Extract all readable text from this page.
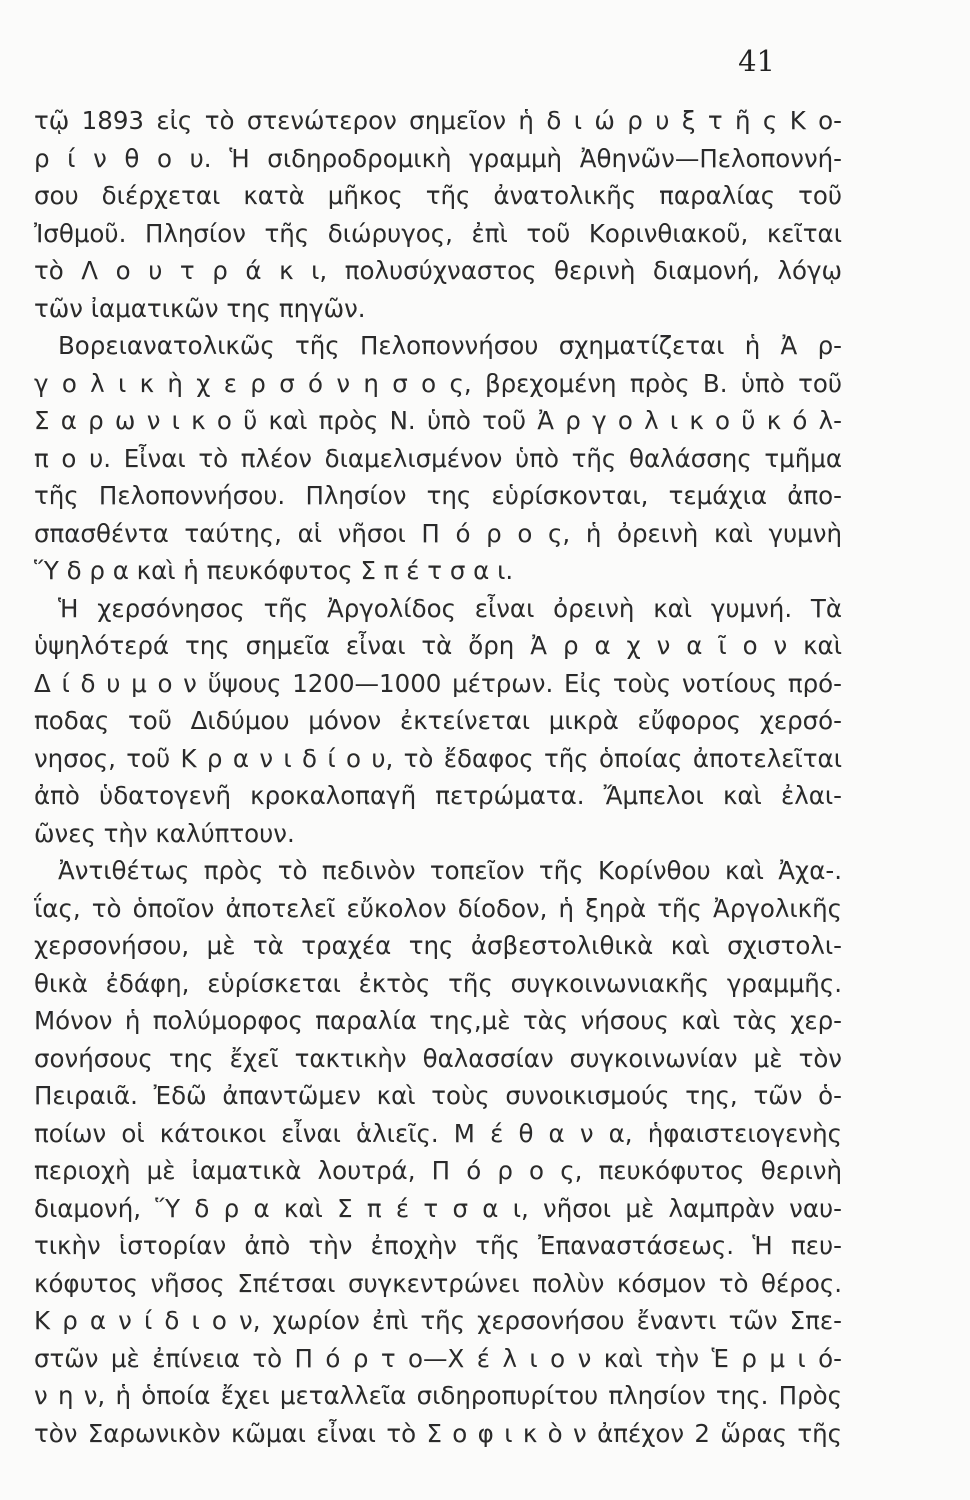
41
τῷ 1893 εἰς τὸ στενώτερον σημεῖον ἡ δ ι ώ ρ υ ξ τ ῆ ς Κ ο-
ρ ί ν θ ο υ. Ἡ σιδηροδρομικὴ γραμμὴ Ἀθηνῶν—Πελοποννή-
σου διέρχεται κατὰ μῆκος τῆς ἀνατολικῆς παραλίας τοῦ
Ἰσθμοῦ. Πλησίον τῆς διώρυγος, ἐπὶ τοῦ Κορινθιακοῦ, κεῖται
τὸ Λ ο υ τ ρ ά κ ι, πολυσύχναστος θερινὴ διαμονή, λόγῳ
τῶν ἰαματικῶν της πηγῶν.
Βορειανατολικῶς τῆς Πελοποννήσου σχηματίζεται ἡ Ἀ ρ-
γ ο λ ι κ ὴ χ ε ρ σ ό ν η σ ο ς, βρεχομένη πρὸς Β. ὑπὸ τοῦ
Σ α ρ ω ν ι κ ο ῦ καὶ πρὸς Ν. ὑπὸ τοῦ Ἀ ρ γ ο λ ι κ ο ῦ κ ό λ-
π ο υ. Εἶναι τὸ πλέον διαμελισμένον ὑπὸ τῆς θαλάσσης τμῆμα
τῆς Πελοποννήσου. Πλησίον της εὑρίσκονται, τεμάχια ἀπο-
σπασθέντα ταύτης, αἱ νῆσοι Π ό ρ ο ς, ἡ ὀρεινὴ καὶ γυμνὴ
Ὕ δ ρ α καὶ ἡ πευκόφυτος Σ π έ τ σ α ι.
Ἡ χερσόνησος τῆς Ἀργολίδος εἶναι ὀρεινὴ καὶ γυμνή. Τὰ
ὑψηλότερά της σημεῖα εἶναι τὰ ὄρη Ἀ ρ α χ ν α ῖ ο ν καὶ
Δ ί δ υ μ ο ν ὕψους 1200—1000 μέτρων. Εἰς τοὺς νοτίους πρό-
ποδας τοῦ Διδύμου μόνον ἐκτείνεται μικρὰ εὔφορος χερσό-
νησος, τοῦ Κ ρ α ν ι δ ί ο υ, τὸ ἔδαφος τῆς ὁποίας ἀποτελεῖται
ἀπὸ ὑδατογενῆ κροκαλοπαγῆ πετρώματα. Ἄμπελοι καὶ ἐλαι-
ῶνες τὴν καλύπτουν.
Ἀντιθέτως πρὸς τὸ πεδινὸν τοπεῖον τῆς Κορίνθου καὶ Ἀχα-.
ΐας, τὸ ὁποῖον ἀποτελεῖ εὔκολον δίοδον, ἡ ξηρὰ τῆς Ἀργολικῆς
χερσονήσου, μὲ τὰ τραχέα της ἀσβεστολιθικὰ καὶ σχιστολι-
θικὰ ἐδάφη, εὑρίσκεται ἐκτὸς τῆς συγκοινωνιακῆς γραμμῆς.
Μόνον ἡ πολύμορφος παραλία της,μὲ τὰς νήσους καὶ τὰς χερ-
σονήσους της ἔχεῖ τακτικὴν θαλασσίαν συγκοινωνίαν μὲ τὸν
Πειραιᾶ. Ἐδῶ ἀπαντῶμεν καὶ τοὺς συνοικισμούς της, τῶν ὁ-
ποίων οἱ κάτοικοι εἶναι ἁλιεῖς. Μ έ θ α ν α, ἡφαιστειογενὴς
περιοχὴ μὲ ἰαματικὰ λουτρά, Π ό ρ ο ς, πευκόφυτος θερινὴ
διαμονή, Ὕ δ ρ α καὶ Σ π έ τ σ α ι, νῆσοι μὲ λαμπρὰν ναυ-
τικὴν ἱστορίαν ἀπὸ τὴν ἐποχὴν τῆς Ἐπαναστάσεως. Ἡ πευ-
κόφυτος νῆσος Σπέτσαι συγκεντρώνει πολὺν κόσμον τὸ θέρος.
Κ ρ α ν ί δ ι ο ν, χωρίον ἐπὶ τῆς χερσονήσου ἔναντι τῶν Σπε-
στῶν μὲ ἐπίνεια τὸ Π ό ρ τ ο—Χ έ λ ι ο ν καὶ τὴν Ἑ ρ μ ι ό-
ν η ν, ἡ ὁποία ἔχει μεταλλεῖα σιδηροπυρίτου πλησίον της. Πρὸς
τὸν Σαρωνικὸν κῶμαι εἶναι τὸ Σ ο φ ι κ ὸ ν ἀπέχον 2 ὥρας τῆς
